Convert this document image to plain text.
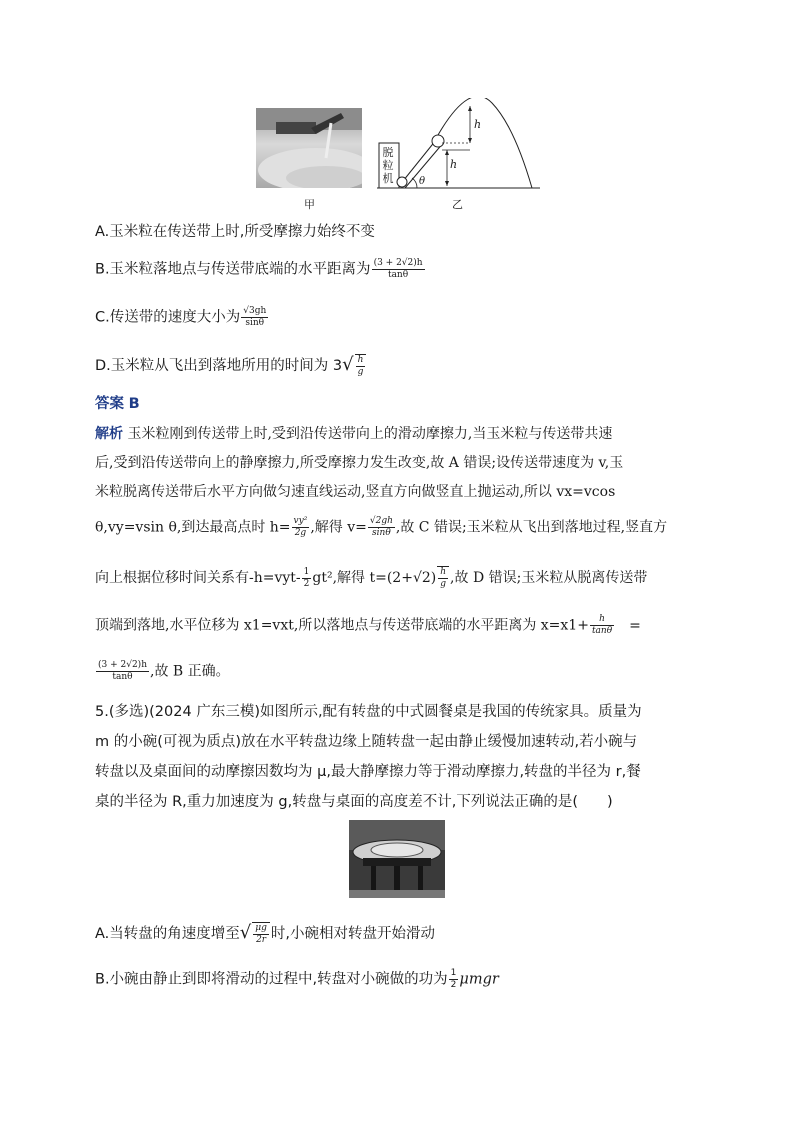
甲
脱
粒
机
h
h
θ
乙
A.玉米粒在传送带上时,所受摩擦力始终不变
B.玉米粒落地点与传送带底端的水平距离为 $\frac{(3 + 2√2)h}{\tan\theta}$
C.传送带的速度大小为 $\frac{√3gh}{\sin\theta}$
D.玉米粒从飞出到落地所用的时间为 $3√ \frac{h}{g}$
答案 B
解析 玉米粒刚到传送带上时,受到沿传送带向上的滑动摩擦力,当玉米粒与传送带共速
后,受到沿传送带向上的静摩擦力,所受摩擦力发生改变,故 A 错误;设传送带速度为 v,玉
米粒脱离传送带后水平方向做匀速直线运动,竖直方向做竖直上抛运动,所以 vx=vcos
θ,vy=vsin θ,到达最高点时 $h= \frac{\text{vy²}}{2g}$ ,解得 $v= \frac{√2gh}{\sin\theta}$ ,故 C 错误;玉米粒从飞出到落地过程,竖直方
向上根据位移时间关系有$-h=vyt- \frac{1}{2} gt^2$,解得 $t=(2+√2) \frac{h}{g}$ ,故 D 错误;玉米粒从脱离传送带
顶端到落地,水平位移为 x1=vxt,所以落地点与传送带底端的水平距离为 $x=x1+ \frac{h}{\tan\theta}$ =
$\frac{(3 + 2√2)h}{\tan\theta}$ ,故 B 正确。
5.(多选)(2024 广东三模)如图所示,配有转盘的中式圆餐桌是我国的传统家具。质量为
m 的小碗(可视为质点)放在水平转盘边缘上随转盘一起由静止缓慢加速转动,若小碗与
转盘以及桌面间的动摩擦因数均为 μ,最大静摩擦力等于滑动摩擦力,转盘的半径为 r,餐
桌的半径为 R,重力加速度为 g,转盘与桌面的高度差不计,下列说法正确的是(　　)
A.当转盘的角速度增至√ $\frac{\mu g}{2r}$ 时,小碗相对转盘开始滑动
B.小碗由静止到即将滑动的过程中,转盘对小碗做的功为 $\frac{1}{2}$ μmgr
